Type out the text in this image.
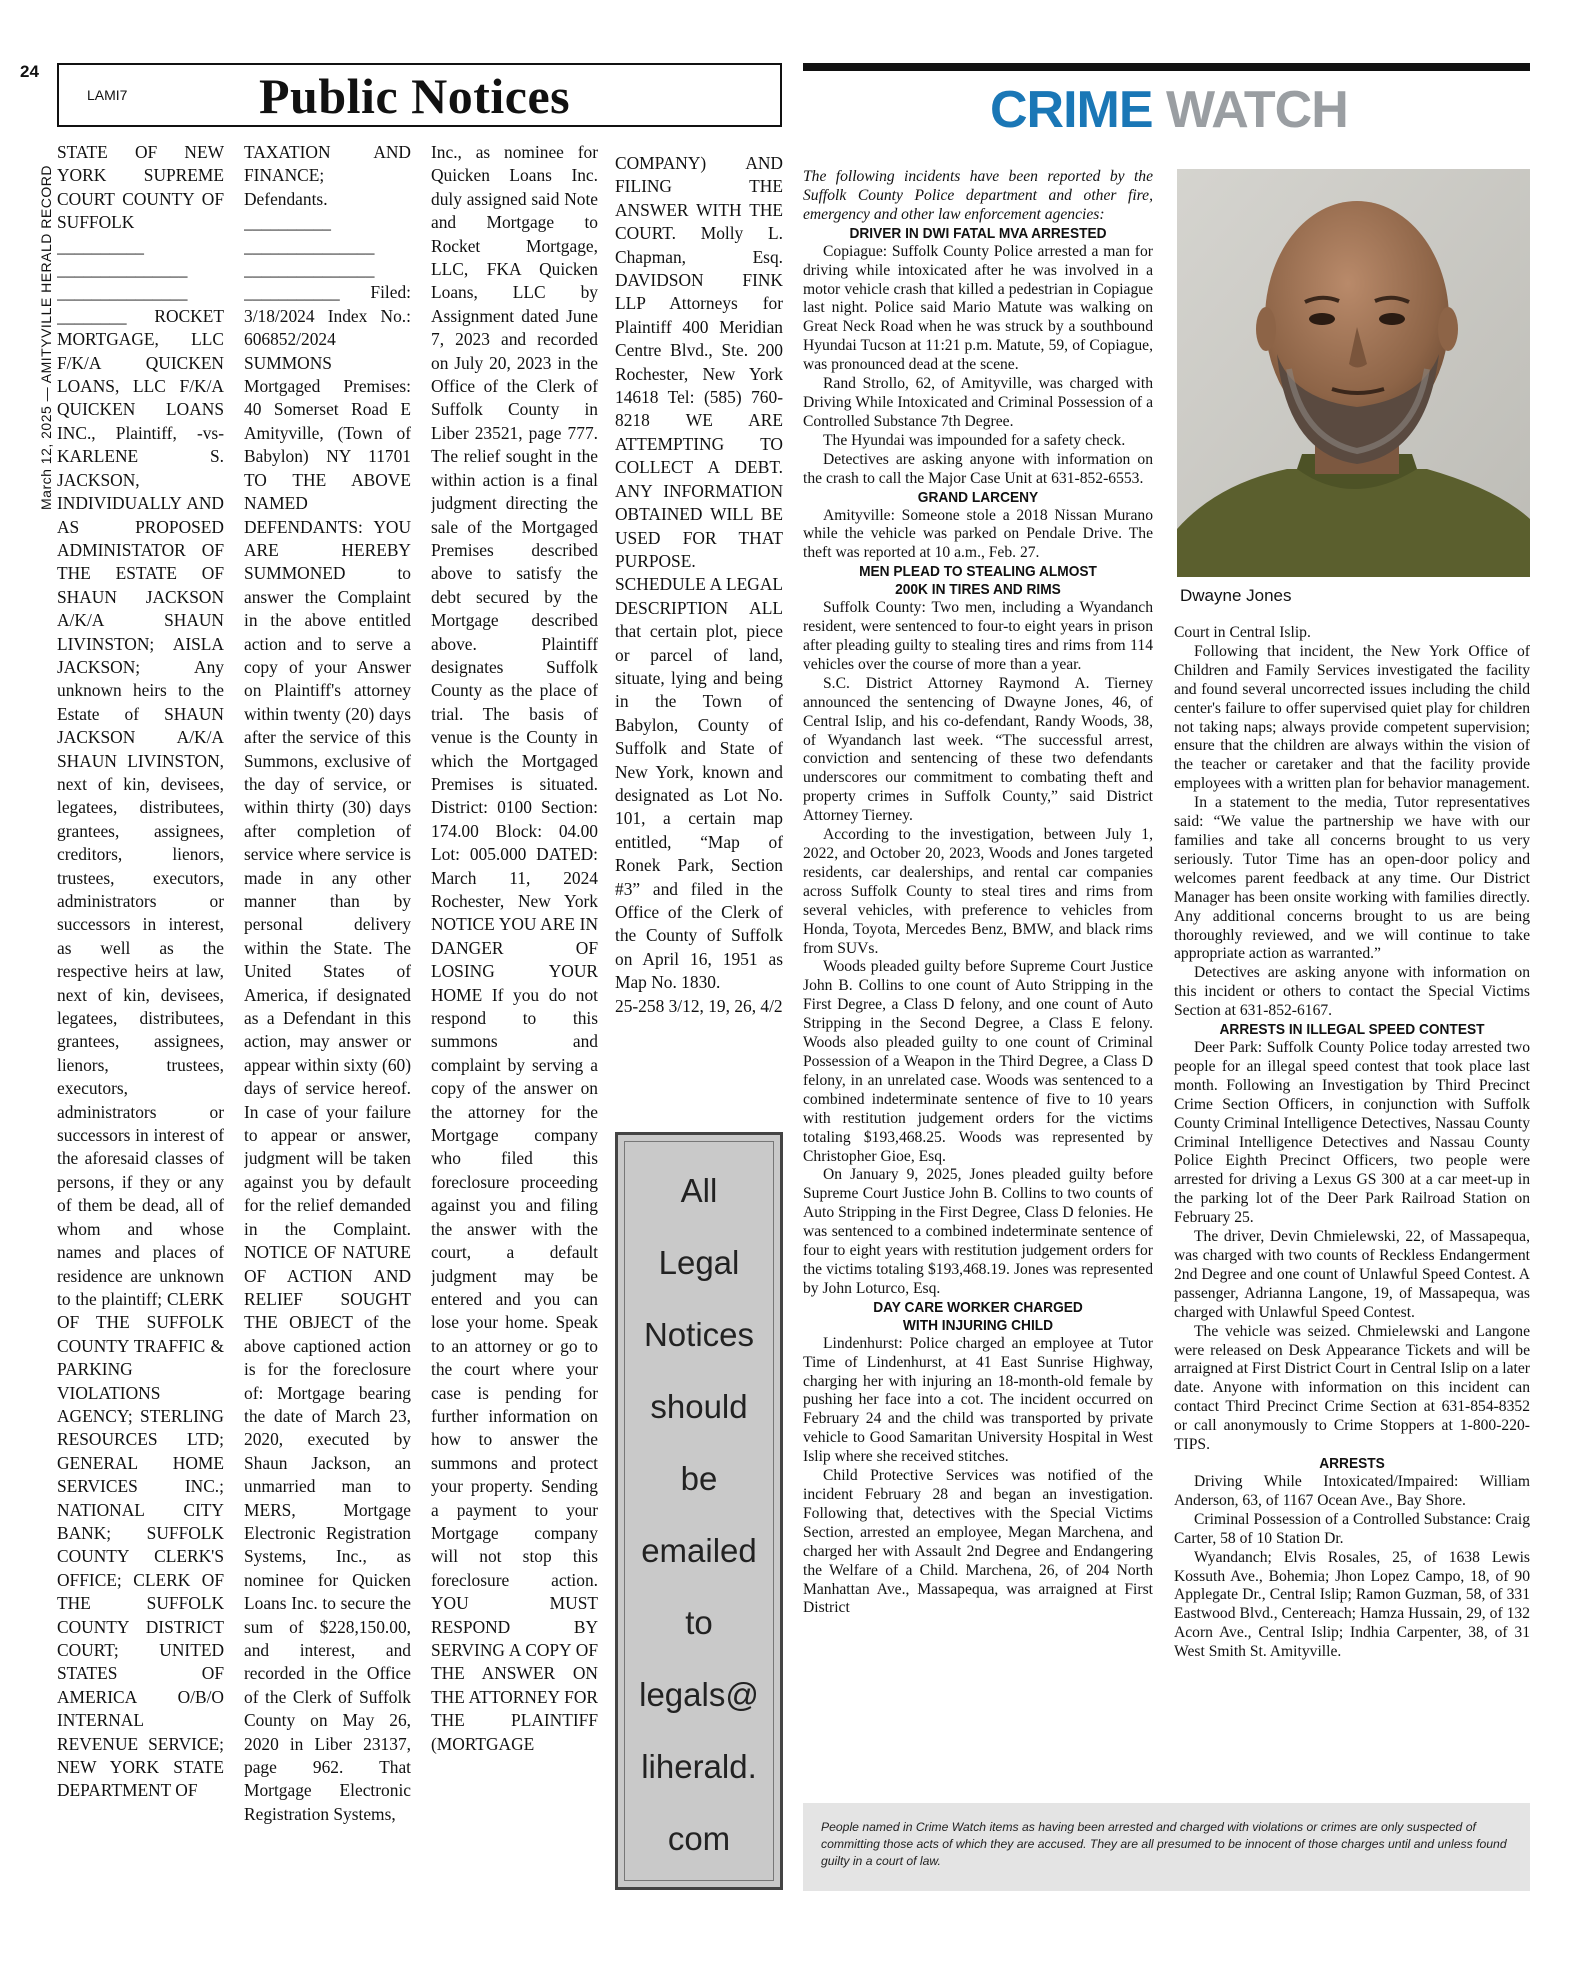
24
March 12, 2025 — AMITYVILLE HERALD RECORD
LAMI7	Public Notices

STATE OF NEW YORK SUPREME COURT COUNTY OF SUFFOLK __________ _______________ _______________ ________ ROCKET MORTGAGE, LLC F/K/A QUICKEN LOANS, LLC F/K/A QUICKEN LOANS INC., Plaintiff, -vs- KARLENE S. JACKSON, INDIVIDUALLY AND AS PROPOSED ADMINISTATOR OF THE ESTATE OF SHAUN JACKSON A/K/A SHAUN LIVINSTON; AISLA JACKSON; Any unknown heirs to the Estate of SHAUN JACKSON A/K/A SHAUN LIVINSTON, next of kin, devisees, legatees, distributees, grantees, assignees, creditors, lienors, trustees, executors, administrators or successors in interest, as well as the respective heirs at law, next of kin, devisees, legatees, distributees, grantees, assignees, lienors, trustees, executors, administrators or successors in interest of the aforesaid classes of persons, if they or any of them be dead, all of whom and whose names and places of residence are unknown to the plaintiff; CLERK OF THE SUFFOLK COUNTY TRAFFIC & PARKING VIOLATIONS AGENCY; STERLING RESOURCES LTD; GENERAL HOME SERVICES INC.; NATIONAL CITY BANK; SUFFOLK COUNTY CLERK'S OFFICE; CLERK OF THE SUFFOLK COUNTY DISTRICT COURT; UNITED STATES OF AMERICA O/B/O INTERNAL REVENUE SERVICE; NEW YORK STATE DEPARTMENT OF

TAXATION AND FINANCE; Defendants. __________ _______________ _______________ ___________ Filed: 3/18/2024 Index No.: 606852/2024 SUMMONS Mortgaged Premises: 40 Somerset Road E Amityville, (Town of Babylon) NY 11701 TO THE ABOVE NAMED DEFENDANTS: YOU ARE HEREBY SUMMONED to answer the Complaint in the above entitled action and to serve a copy of your Answer on Plaintiff's attorney within twenty (20) days after the service of this Summons, exclusive of the day of service, or within thirty (30) days after completion of service where service is made in any other manner than by personal delivery within the State. The United States of America, if designated as a Defendant in this action, may answer or appear within sixty (60) days of service hereof. In case of your failure to appear or answer, judgment will be taken against you by default for the relief demanded in the Complaint. NOTICE OF NATURE OF ACTION AND RELIEF SOUGHT THE OBJECT of the above captioned action is for the foreclosure of: Mortgage bearing the date of March 23, 2020, executed by Shaun Jackson, an unmarried man to MERS, Mortgage Electronic Registration Systems, Inc., as nominee for Quicken Loans Inc. to secure the sum of $228,150.00, and interest, and recorded in the Office of the Clerk of Suffolk County on May 26, 2020 in Liber 23137, page 962. That Mortgage Electronic Registration Systems,

Inc., as nominee for Quicken Loans Inc. duly assigned said Note and Mortgage to Rocket Mortgage, LLC, FKA Quicken Loans, LLC by Assignment dated June 7, 2023 and recorded on July 20, 2023 in the Office of the Clerk of Suffolk County in Liber 23521, page 777. The relief sought in the within action is a final judgment directing the sale of the Mortgaged Premises described above to satisfy the debt secured by the Mortgage described above. Plaintiff designates Suffolk County as the place of trial. The basis of venue is the County in which the Mortgaged Premises is situated. District: 0100 Section: 174.00 Block: 04.00 Lot: 005.000 DATED: March 11, 2024 Rochester, New York NOTICE YOU ARE IN DANGER OF LOSING YOUR HOME If you do not respond to this summons and complaint by serving a copy of the answer on the attorney for the Mortgage company who filed this foreclosure proceeding against you and filing the answer with the court, a default judgment may be entered and you can lose your home. Speak to an attorney or go to the court where your case is pending for further information on how to answer the summons and protect your property. Sending a payment to your Mortgage company will not stop this foreclosure action. YOU MUST RESPOND BY SERVING A COPY OF THE ANSWER ON THE ATTORNEY FOR THE PLAINTIFF (MORTGAGE

COMPANY) AND FILING THE ANSWER WITH THE COURT. Molly L. Chapman, Esq. DAVIDSON FINK LLP Attorneys for Plaintiff 400 Meridian Centre Blvd., Ste. 200 Rochester, New York 14618 Tel: (585) 760-8218 WE ARE ATTEMPTING TO COLLECT A DEBT. ANY INFORMATION OBTAINED WILL BE USED FOR THAT PURPOSE. SCHEDULE A LEGAL DESCRIPTION ALL that certain plot, piece or parcel of land, situate, lying and being in the Town of Babylon, County of Suffolk and State of New York, known and designated as Lot No. 101, a certain map entitled, “Map of Ronek Park, Section #3” and filed in the Office of the Clerk of the County of Suffolk on April 16, 1951 as Map No. 1830.

25-258 3/12, 19, 26, 4/2

All
Legal
Notices
should
be
emailed
to
legals@
liherald.
com
CRIME WATCH

The following incidents have been reported by the Suffolk County Police department and other fire, emergency and other law enforcement agencies:

DRIVER IN DWI FATAL MVA ARRESTED

Copiague: Suffolk County Police arrested a man for driving while intoxicated after he was involved in a motor vehicle crash that killed a pedestrian in Copiague last night. Police said Mario Matute was walking on Great Neck Road when he was struck by a southbound Hyundai Tucson at 11:21 p.m. Matute, 59, of Copiague, was pronounced dead at the scene.

Rand Strollo, 62, of Amityville, was charged with Driving While Intoxicated and Criminal Possession of a Controlled Substance 7th Degree.

The Hyundai was impounded for a safety check.

Detectives are asking anyone with information on the crash to call the Major Case Unit at 631-852-6553.

GRAND LARCENY

Amityville: Someone stole a 2018 Nissan Murano while the vehicle was parked on Pendale Drive. The theft was reported at 10 a.m., Feb. 27.

MEN PLEAD TO STEALING ALMOST
200K IN TIRES AND RIMS

Suffolk County: Two men, including a Wyandanch resident, were sentenced to four-to eight years in prison after pleading guilty to stealing tires and rims from 114 vehicles over the course of more than a year.

S.C. District Attorney Raymond A. Tierney announced the sentencing of Dwayne Jones, 46, of Central Islip, and his co-defendant, Randy Woods, 38, of Wyandanch last week. “The successful arrest, conviction and sentencing of these two defendants underscores our commitment to combating theft and property crimes in Suffolk County,” said District Attorney Tierney.

According to the investigation, between July 1, 2022, and October 20, 2023, Woods and Jones targeted residents, car dealerships, and rental car companies across Suffolk County to steal tires and rims from several vehicles, with preference to vehicles from Honda, Toyota, Mercedes Benz, BMW, and black rims from SUVs.

Woods pleaded guilty before Supreme Court Justice John B. Collins to one count of Auto Stripping in the First Degree, a Class D felony, and one count of Auto Stripping in the Second Degree, a Class E felony. Woods also pleaded guilty to one count of Criminal Possession of a Weapon in the Third Degree, a Class D felony, in an unrelated case. Woods was sentenced to a combined indeterminate sentence of five to 10 years with restitution judgement orders for the victims totaling $193,468.25. Woods was represented by Christopher Gioe, Esq.

On January 9, 2025, Jones pleaded guilty before Supreme Court Justice John B. Collins to two counts of Auto Stripping in the First Degree, Class D felonies. He was sentenced to a combined indeterminate sentence of four to eight years with restitution judgement orders for the victims totaling $193,468.19. Jones was represented by John Loturco, Esq.

DAY CARE WORKER CHARGED
WITH INJURING CHILD

Lindenhurst: Police charged an employee at Tutor Time of Lindenhurst, at 41 East Sunrise Highway, charging her with injuring an 18-month-old female by pushing her face into a cot. The incident occurred on February 24 and the child was transported by private vehicle to Good Samaritan University Hospital in West Islip where she received stitches.

Child Protective Services was notified of the incident February 28 and began an investigation. Following that, detectives with the Special Victims Section, arrested an employee, Megan Marchena, and charged her with Assault 2nd Degree and Endangering the Welfare of a Child. Marchena, 26, of 204 North Manhattan Ave., Massapequa, was arraigned at First District

Dwayne Jones

Court in Central Islip.

Following that incident, the New York Office of Children and Family Services investigated the facility and found several uncorrected issues including the child center's failure to offer supervised quiet play for children not taking naps; always provide competent supervision; ensure that the children are always within the vision of the teacher or caretaker and that the facility provide employees with a written plan for behavior management.

In a statement to the media, Tutor representatives said: “We value the partnership we have with our families and take all concerns brought to us very seriously. Tutor Time has an open-door policy and welcomes parent feedback at any time. Our District Manager has been onsite working with families directly. Any additional concerns brought to us are being thoroughly reviewed, and we will continue to take appropriate action as warranted.”

Detectives are asking anyone with information on this incident or others to contact the Special Victims Section at 631-852-6167.

ARRESTS IN ILLEGAL SPEED CONTEST

Deer Park: Suffolk County Police today arrested two people for an illegal speed contest that took place last month. Following an Investigation by Third Precinct Crime Section Officers, in conjunction with Suffolk County Criminal Intelligence Detectives, Nassau County Criminal Intelligence Detectives and Nassau County Police Eighth Precinct Officers, two people were arrested for driving a Lexus GS 300 at a car meet-up in the parking lot of the Deer Park Railroad Station on February 25.

The driver, Devin Chmielewski, 22, of Massapequa, was charged with two counts of Reckless Endangerment 2nd Degree and one count of Unlawful Speed Contest. A passenger, Adrianna Langone, 19, of Massapequa, was charged with Unlawful Speed Contest.

The vehicle was seized. Chmielewski and Langone were released on Desk Appearance Tickets and will be arraigned at First District Court in Central Islip on a later date. Anyone with information on this incident can contact Third Precinct Crime Section at 631-854-8352 or call anonymously to Crime Stoppers at 1-800-220-TIPS.

ARRESTS

Driving While Intoxicated/Impaired: William Anderson, 63, of 1167 Ocean Ave., Bay Shore.

Criminal Possession of a Controlled Substance: Craig Carter, 58 of 10 Station Dr.

Wyandanch; Elvis Rosales, 25, of 1638 Lewis Kossuth Ave., Bohemia; Jhon Lopez Campo, 18, of 90 Applegate Dr., Central Islip; Ramon Guzman, 58, of 331 Eastwood Blvd., Centereach; Hamza Hussain, 29, of 132 Acorn Ave., Central Islip; Indhia Carpenter, 38, of 31 West Smith St. Amityville.

People named in Crime Watch items as having been arrested and charged with violations or crimes are only suspected of committing those acts of which they are accused. They are all presumed to be innocent of those charges until and unless found guilty in a court of law.
